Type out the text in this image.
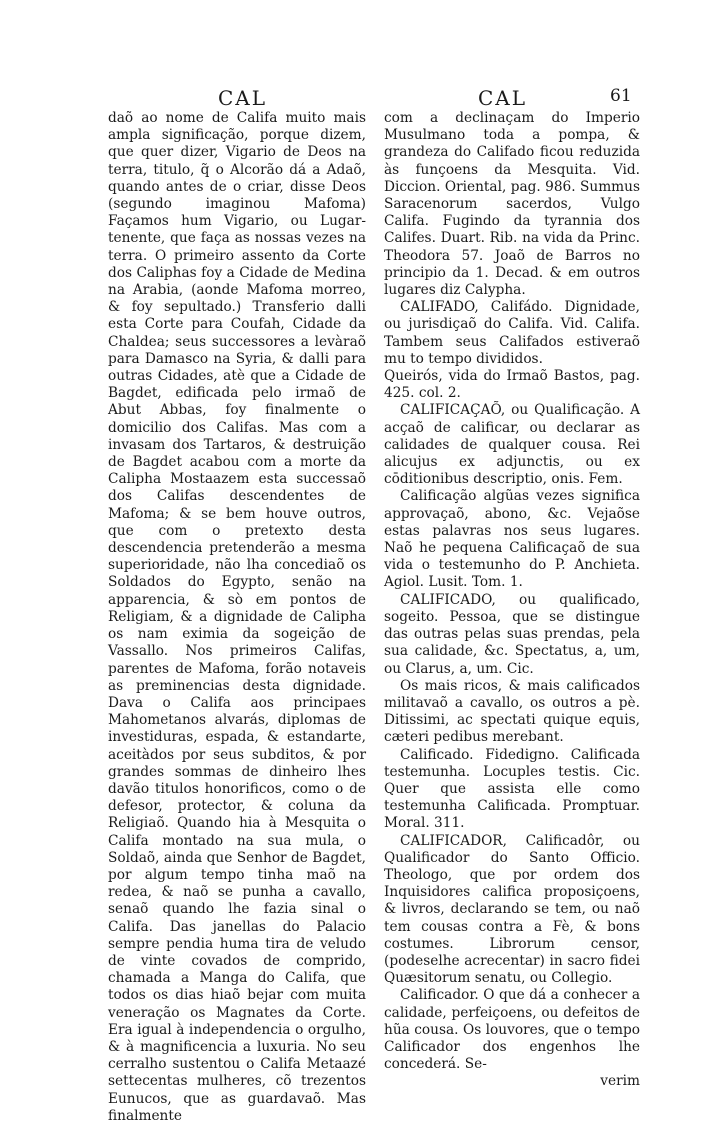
CAL	CAL	61

daõ ao nome de Califa muito mais ampla significação, porque dizem, que quer dizer, Vigario de Deos na terra, titulo, q̃ o Alcorão dá a Adaõ, quando antes de o criar, disse Deos (segundo imaginou Mafoma) Façamos hum Vigario, ou Lugar-tenente, que faça as nossas vezes na terra. O primeiro assento da Corte dos Caliphas foy a Cidade de Medina na Arabia, (aonde Mafoma morreo, & foy sepultado.) Transferio dalli esta Corte para Coufah, Cidade da Chaldea; seus successores a levàraõ para Damasco na Syria, & dalli para outras Cidades, atè que a Cidade de Bagdet, edificada pelo irmaõ de Abut Abbas, foy finalmente o domicilio dos Califas. Mas com a invasam dos Tartaros, & destruição de Bagdet acabou com a morte da Calipha Mostaazem esta successaõ dos Califas descendentes de Mafoma; & se bem houve outros, que com o pretexto desta descendencia pretenderão a mesma superioridade, não lha concediaõ os Soldados do Egypto, senão na apparencia, & sò em pontos de Religiam, & a dignidade de Calipha os nam eximia da sogeição de Vassallo. Nos primeiros Califas, parentes de Mafoma, forão notaveis as preminencias desta dignidade. Dava o Califa aos principaes Mahometanos alvarás, diplomas de investiduras, espada, & estandarte, aceitàdos por seus subditos, & por grandes sommas de dinheiro lhes davão titulos honorificos, como o de defesor, protector, & coluna da Religiaõ. Quando hia à Mesquita o Califa montado na sua mula, o Soldaõ, ainda que Senhor de Bagdet, por algum tempo tinha maõ na redea, & naõ se punha a cavallo, senaõ quando lhe fazia sinal o Califa. Das janellas do Palacio sempre pendia huma tira de veludo de vinte covados de comprido, chamada a Manga do Califa, que todos os dias hiaõ bejar com muita veneração os Magnates da Corte. Era igual à independencia o orgulho, & à magnificencia a luxuria. No seu cerralho sustentou o Califa Metaazé settecentas mulheres, cõ trezentos Eunucos, que as guardavaõ. Mas finalmente

com a declinaçam do Imperio Musulmano toda a pompa, & grandeza do Califado ficou reduzida às funçoens da Mesquita. Vid. Diccion. Oriental, pag. 986. Summus Saracenorum sacerdos, Vulgo Califa. Fugindo da tyrannia dos Califes. Duart. Rib. na vida da Princ. Theodora 57. Joaõ de Barros no principio da 1. Decad. & em outros lugares diz Calypha.

CALIFADO, Califádo. Dignidade, ou jurisdiçaõ do Califa. Vid. Califa. Tambem seus Califados estiveraõ mu to tempo divididos.

Queirós, vida do Irmaõ Bastos, pag. 425. col. 2.

CALIFICAÇAÕ, ou Qualificação. A acçaõ de calificar, ou declarar as calidades de qualquer cousa. Rei alicujus ex adjunctis, ou ex cōditionibus descriptio, onis. Fem.

Calificação algũas vezes significa approvaçaõ, abono, &c. Vejaõse estas palavras nos seus lugares. Naõ he pequena Calificaçaõ de sua vida o testemunho do P. Anchieta. Agiol. Lusit. Tom. 1.

CALIFICADO, ou qualificado, sogeito. Pessoa, que se distingue das outras pelas suas prendas, pela sua calidade, &c. Spectatus, a, um, ou Clarus, a, um. Cic.

Os mais ricos, & mais calificados militavaõ a cavallo, os outros a pè. Ditissimi, ac spectati quique equis, cæteri pedibus merebant.

Calificado. Fidedigno. Calificada testemunha. Locuples testis. Cic. Quer que assista elle como testemunha Calificada. Promptuar. Moral. 311.

CALIFICADOR, Calificadôr, ou Qualificador do Santo Officio. Theologo, que por ordem dos Inquisidores califica proposiçoens, & livros, declarando se tem, ou naõ tem cousas contra a Fè, & bons costumes. Librorum censor, (podeselhe acrecentar) in sacro fidei Quæsitorum senatu, ou Collegio.

Calificador. O que dá a conhecer a calidade, perfeiçoens, ou defeitos de hũa cousa. Os louvores, que o tempo Calificador dos engenhos lhe concederá. Se-

verim
